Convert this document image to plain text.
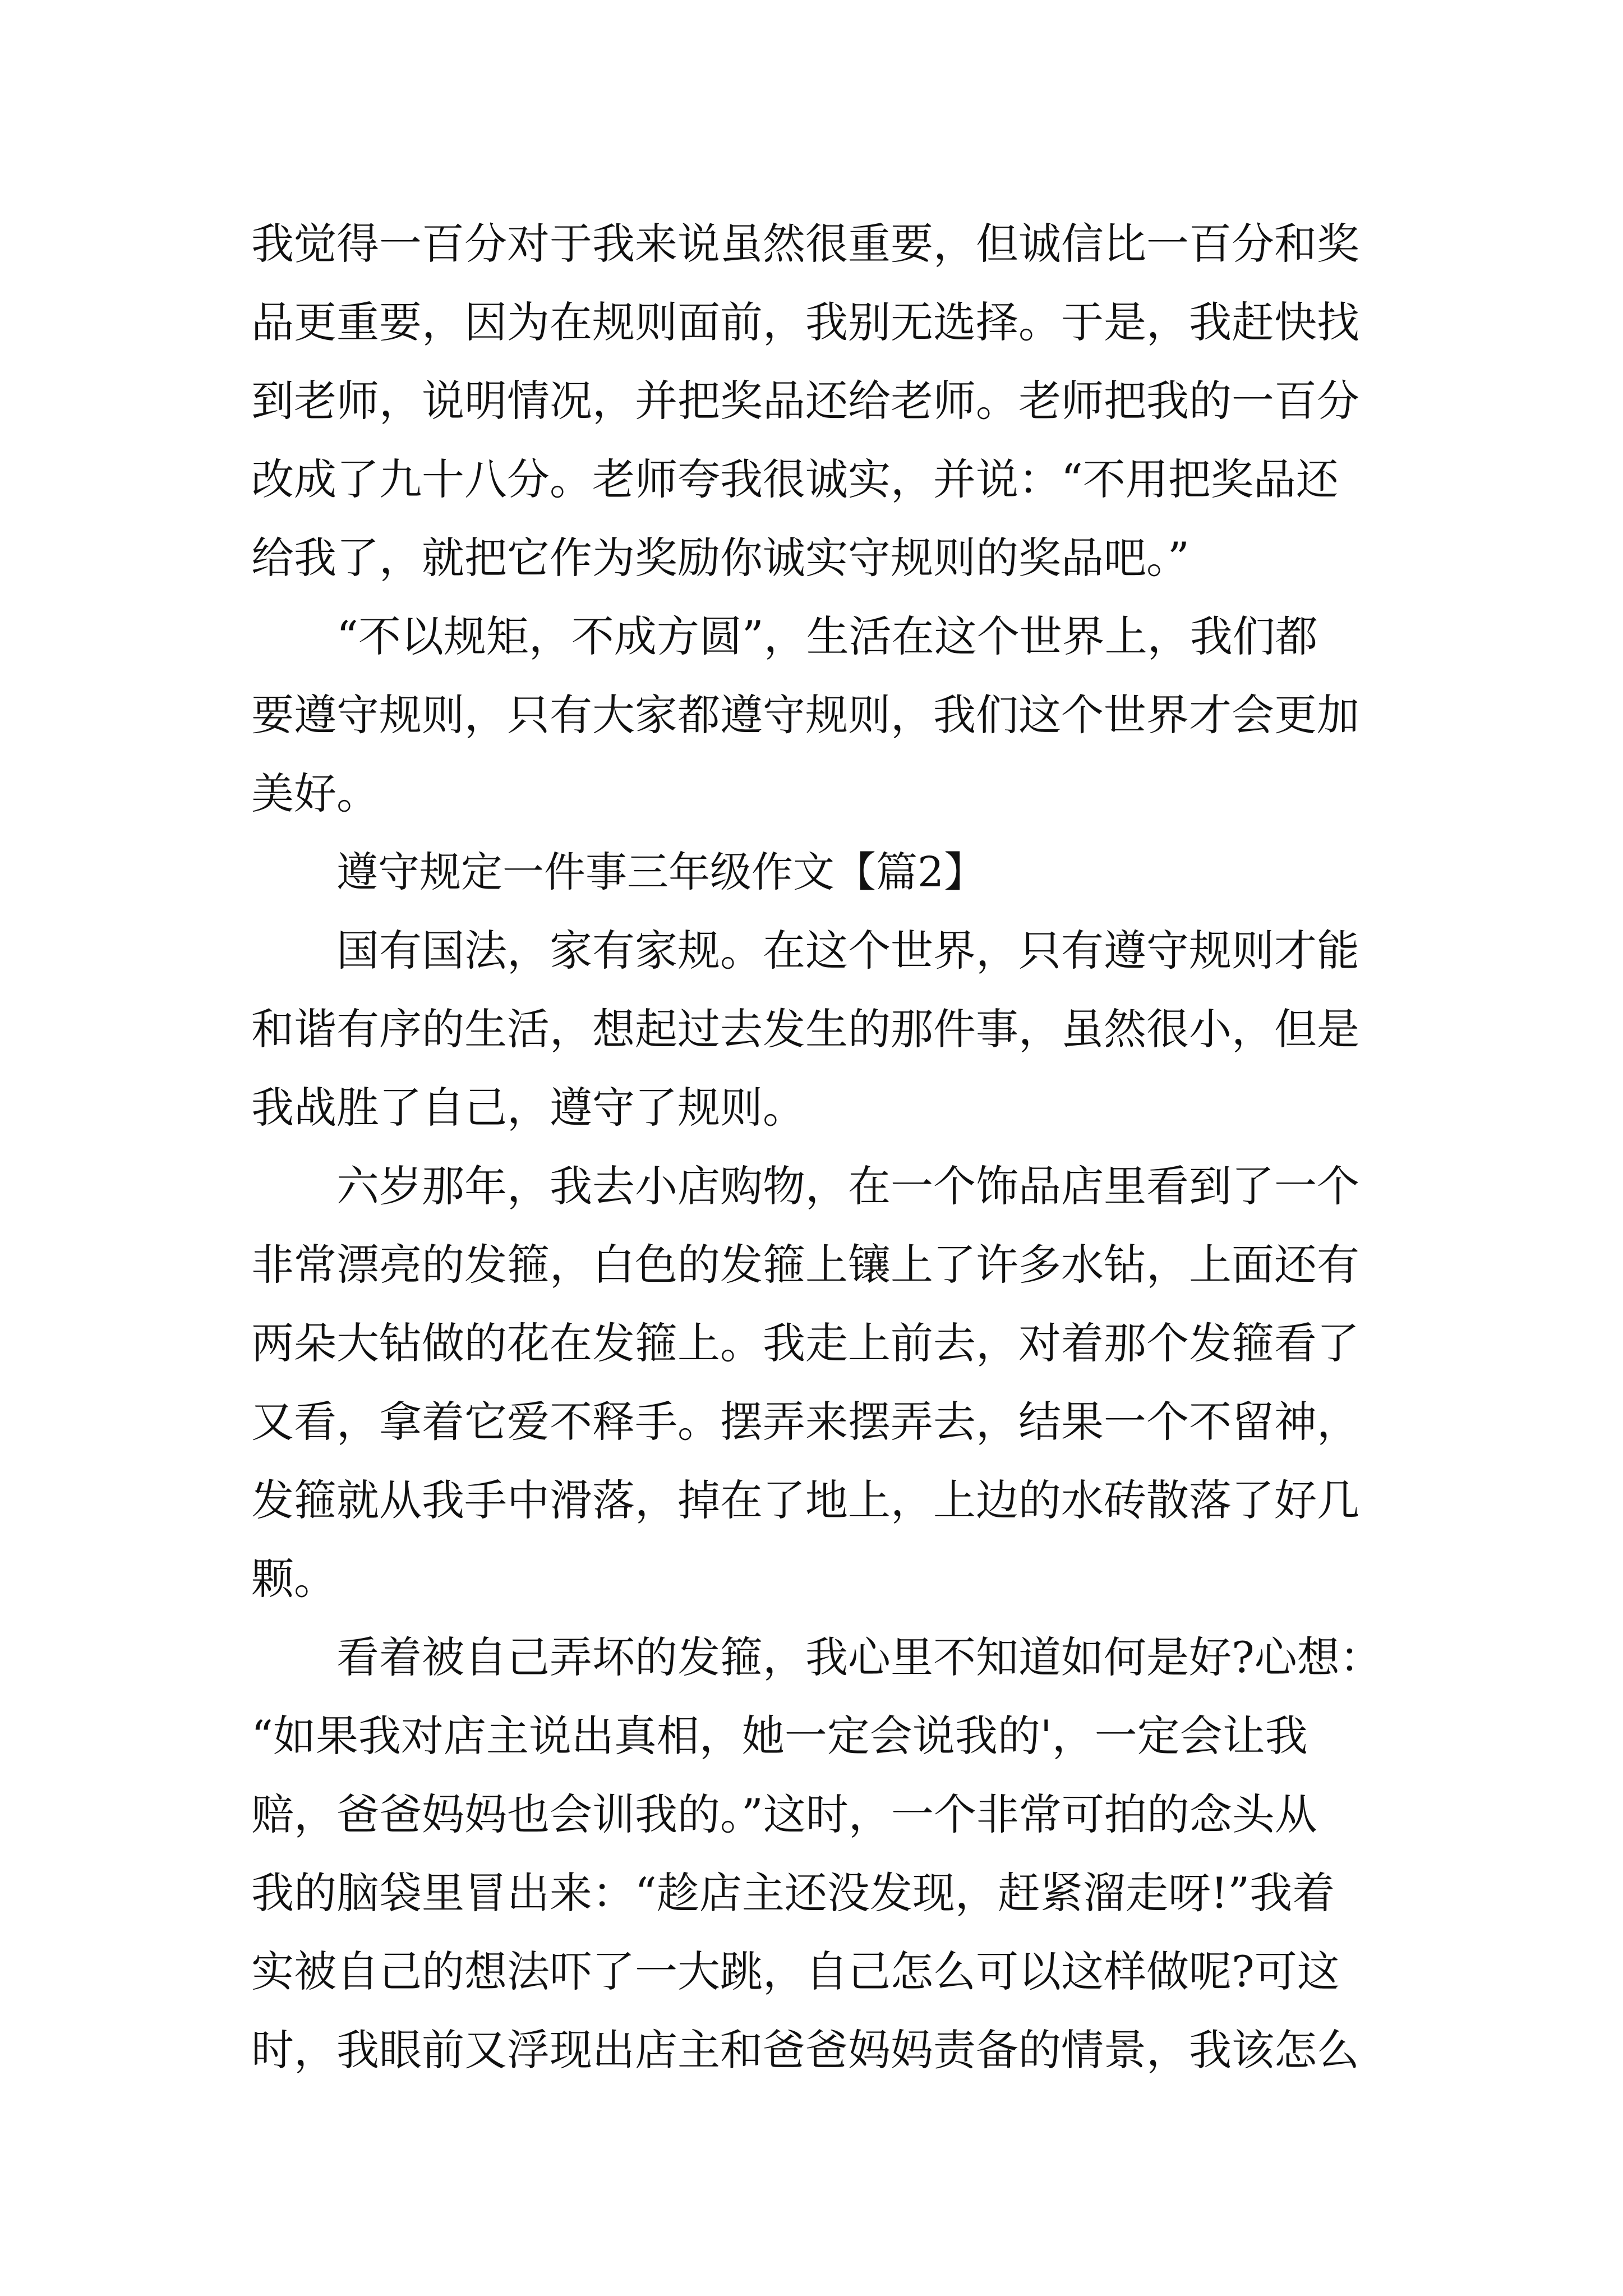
我觉得一百分对于我来说虽然很重要，但诚信比一百分和奖
品更重要，因为在规则面前，我别无选择。于是，我赶快找
到老师，说明情况，并把奖品还给老师。老师把我的一百分
改成了九十八分。老师夸我很诚实，并说：“不用把奖品还
给我了，就把它作为奖励你诚实守规则的奖品吧。”
“不以规矩，不成方圆”，生活在这个世界上，我们都
要遵守规则，只有大家都遵守规则，我们这个世界才会更加
美好。
遵守规定一件事三年级作文【篇2】
国有国法，家有家规。在这个世界，只有遵守规则才能
和谐有序的生活，想起过去发生的那件事，虽然很小，但是
我战胜了自己，遵守了规则。
六岁那年，我去小店购物，在一个饰品店里看到了一个
非常漂亮的发箍，白色的发箍上镶上了许多水钻，上面还有
两朵大钻做的花在发箍上。我走上前去，对着那个发箍看了
又看，拿着它爱不释手。摆弄来摆弄去，结果一个不留神，
发箍就从我手中滑落，掉在了地上，上边的水砖散落了好几
颗。
看着被自己弄坏的发箍，我心里不知道如何是好?心想：
“如果我对店主说出真相，她一定会说我的'，一定会让我
赔，爸爸妈妈也会训我的。”这时，一个非常可拍的念头从
我的脑袋里冒出来：“趁店主还没发现，赶紧溜走呀!”我着
实被自己的想法吓了一大跳，自己怎么可以这样做呢?可这
时，我眼前又浮现出店主和爸爸妈妈责备的情景，我该怎么
